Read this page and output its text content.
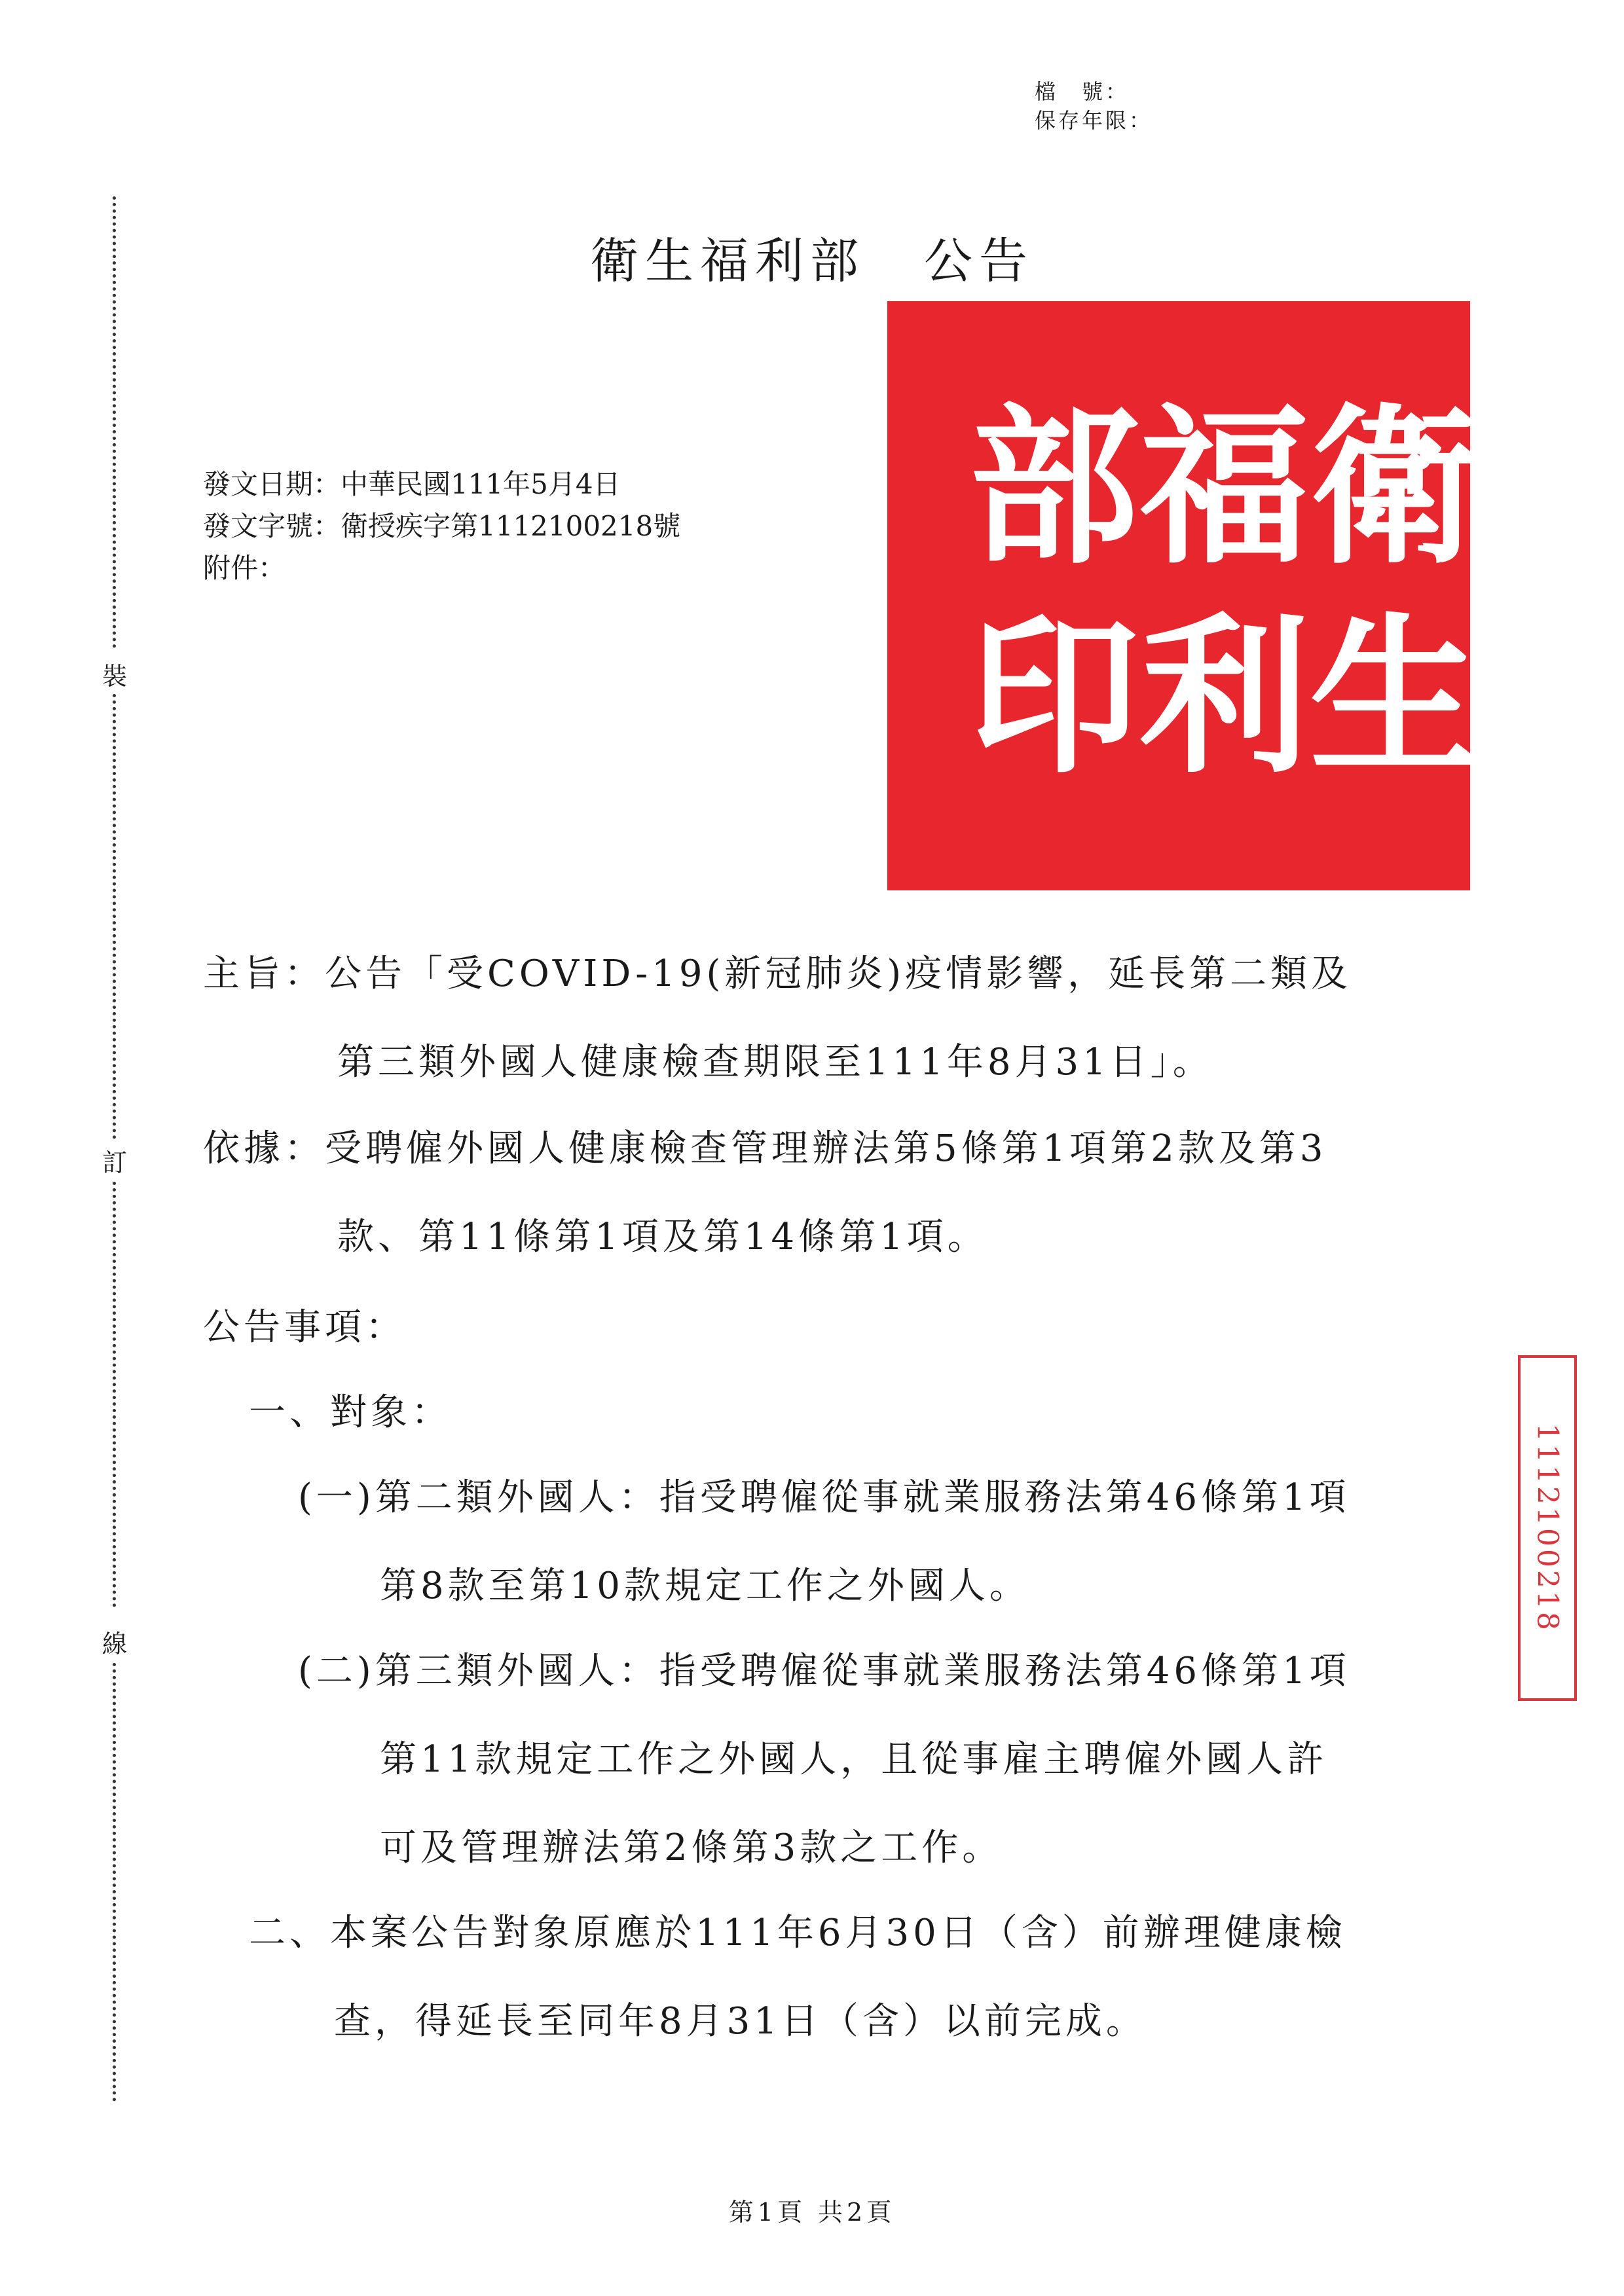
檔　號：
保存年限：
裝
訂
線
衛生福利部 公告
發文日期：中華民國111年5月4日
發文字號：衛授疾字第1112100218號
附件：	衛
生
福
利
部
印
主旨：公告「受COVID-19(新冠肺炎)疫情影響，延長第二類及
第三類外國人健康檢查期限至111年8月31日」。
依據：受聘僱外國人健康檢查管理辦法第5條第1項第2款及第3
款、第11條第1項及第14條第1項。
公告事項：
一、對象：
(一)第二類外國人：指受聘僱從事就業服務法第46條第1項
第8款至第10款規定工作之外國人。
(二)第三類外國人：指受聘僱從事就業服務法第46條第1項
第11款規定工作之外國人，且從事雇主聘僱外國人許
可及管理辦法第2條第3款之工作。
二、本案公告對象原應於111年6月30日（含）前辦理健康檢
查，得延長至同年8月31日（含）以前完成。
1112100218
第1頁 共2頁
